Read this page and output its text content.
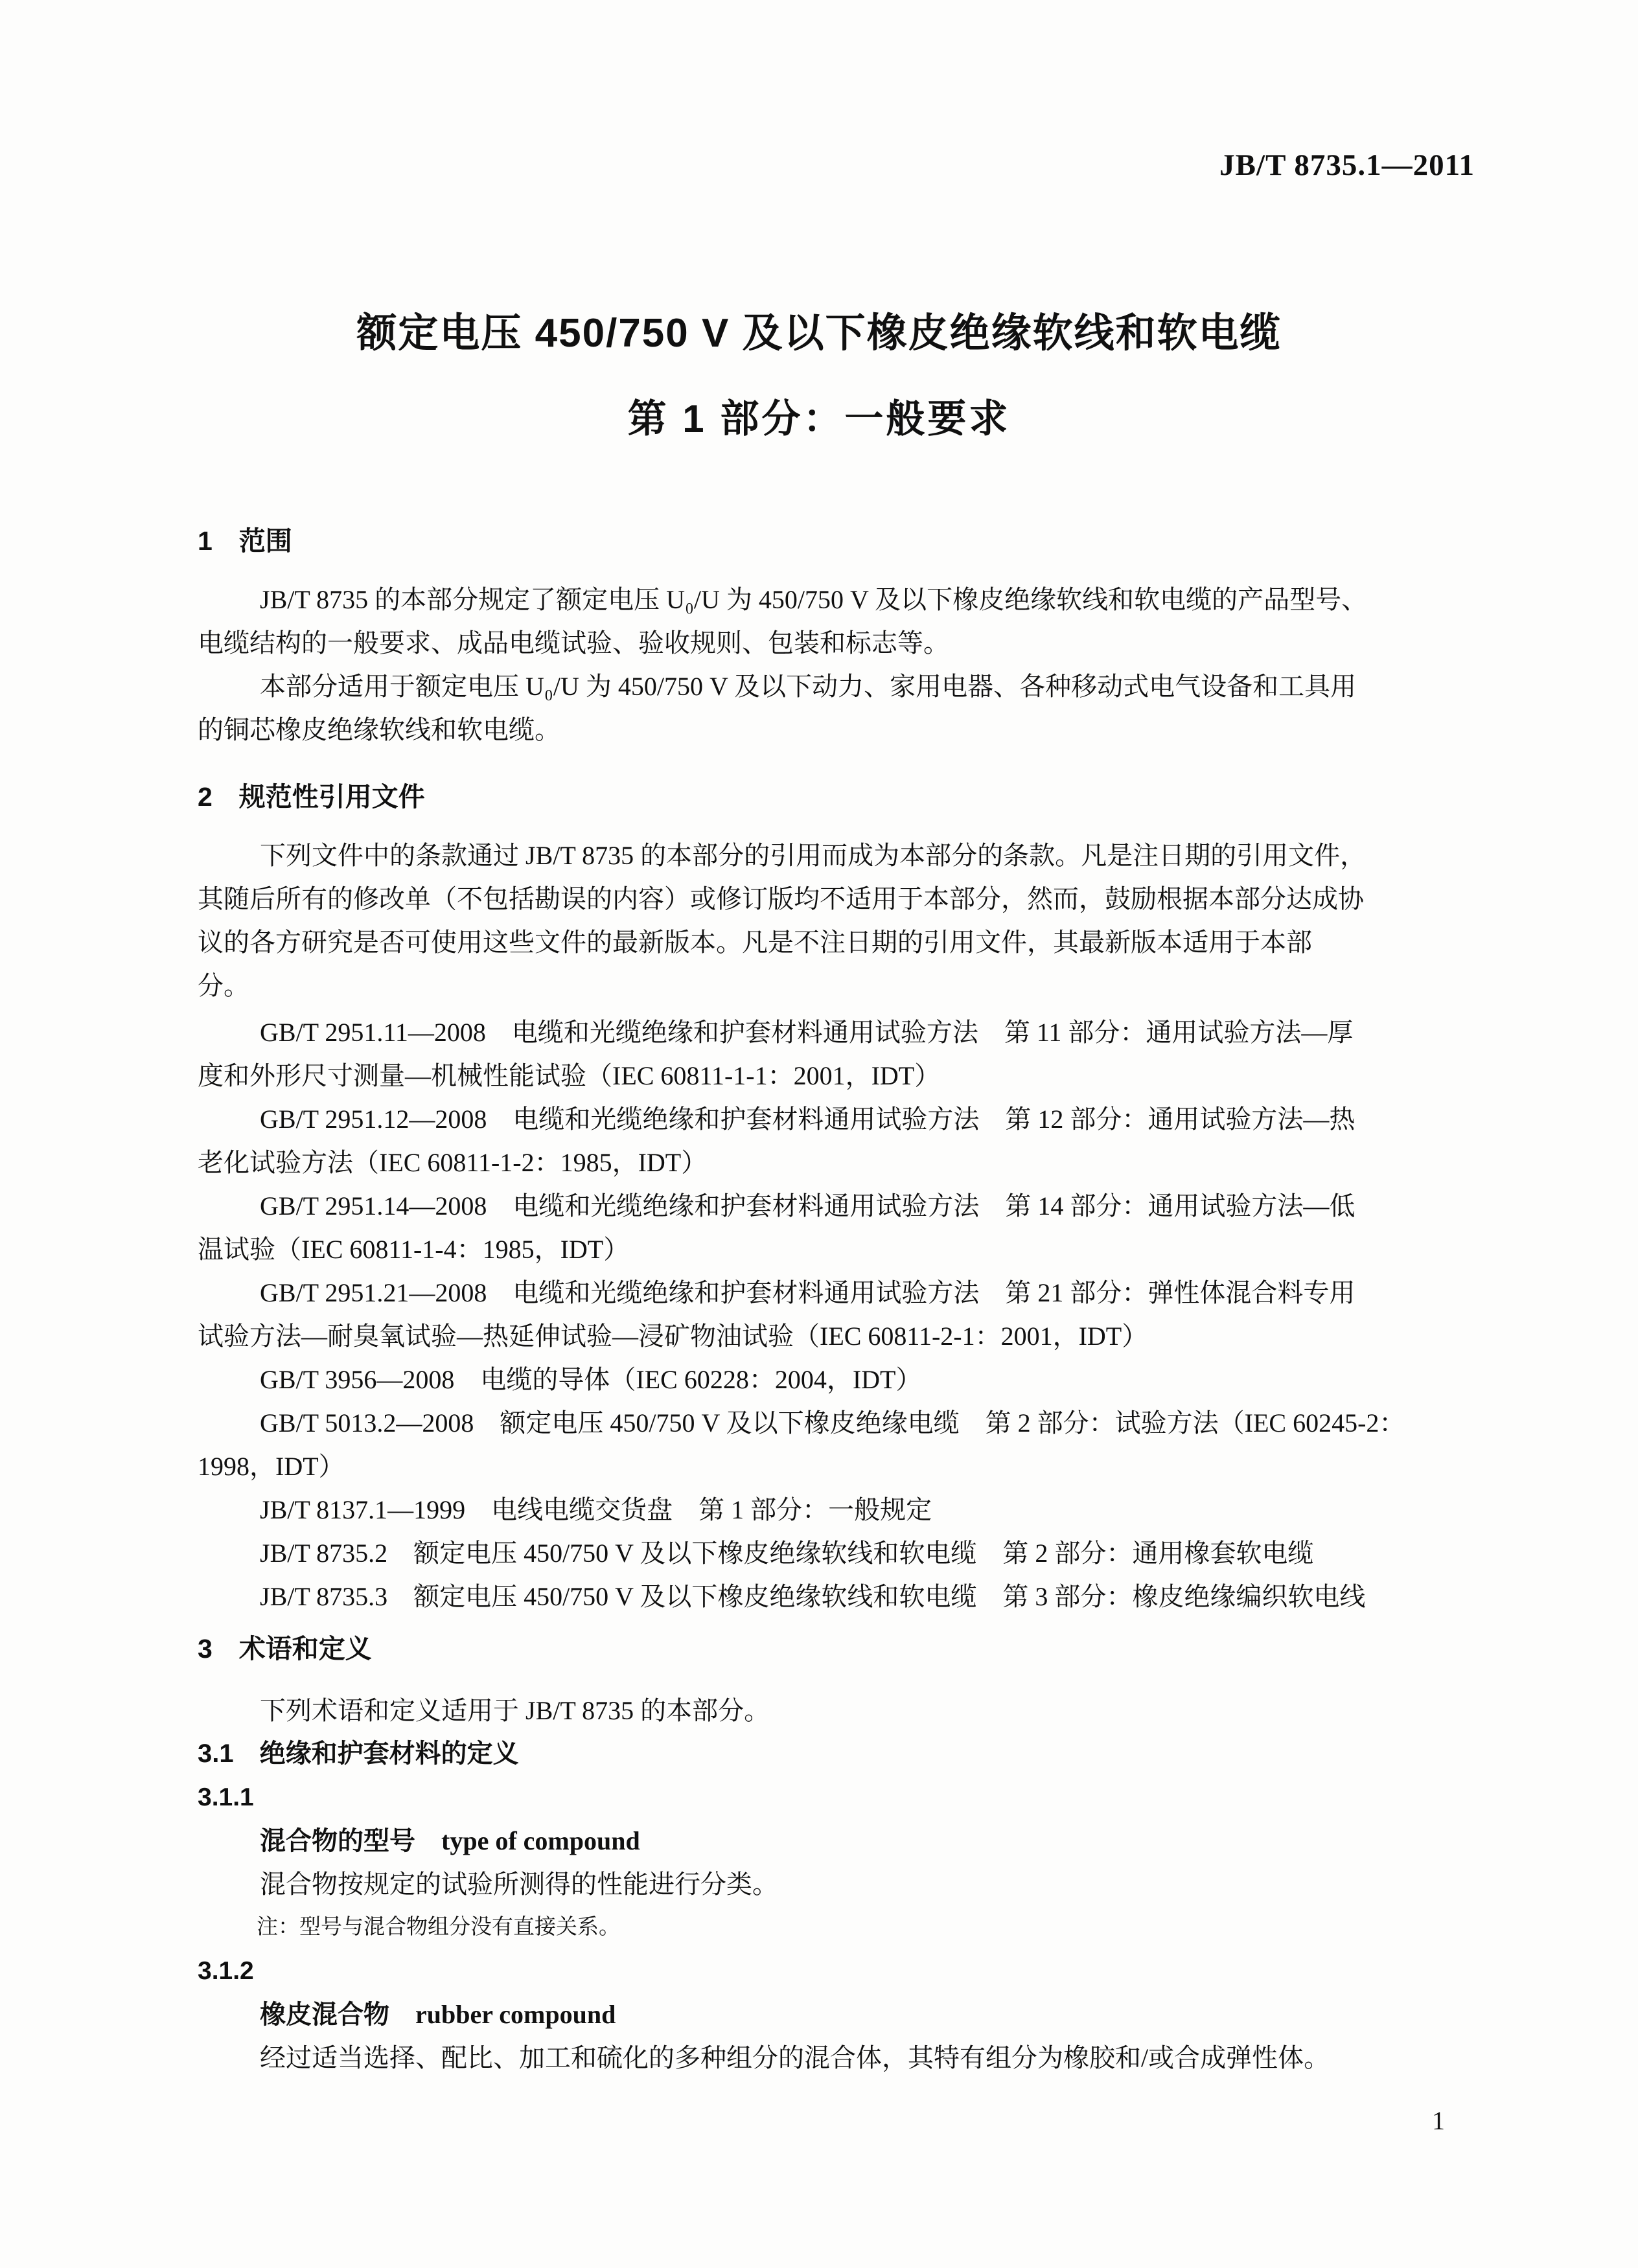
JB/T 8735.1—2011
额定电压 450/750 V 及以下橡皮绝缘软线和软电缆
第 1 部分：一般要求
1　范围
JB/T 8735 的本部分规定了额定电压 U₀/U 为 450/750 V 及以下橡皮绝缘软线和软电缆的产品型号、
电缆结构的一般要求、成品电缆试验、验收规则、包装和标志等。
本部分适用于额定电压 U₀/U 为 450/750 V 及以下动力、家用电器、各种移动式电气设备和工具用
的铜芯橡皮绝缘软线和软电缆。
2　规范性引用文件
下列文件中的条款通过 JB/T 8735 的本部分的引用而成为本部分的条款。凡是注日期的引用文件，
其随后所有的修改单（不包括勘误的内容）或修订版均不适用于本部分，然而，鼓励根据本部分达成协
议的各方研究是否可使用这些文件的最新版本。凡是不注日期的引用文件，其最新版本适用于本部
分。
GB/T 2951.11—2008　电缆和光缆绝缘和护套材料通用试验方法　第 11 部分：通用试验方法—厚
度和外形尺寸测量—机械性能试验（IEC 60811-1-1：2001，IDT）
GB/T 2951.12—2008　电缆和光缆绝缘和护套材料通用试验方法　第 12 部分：通用试验方法—热
老化试验方法（IEC 60811-1-2：1985，IDT）
GB/T 2951.14—2008　电缆和光缆绝缘和护套材料通用试验方法　第 14 部分：通用试验方法—低
温试验（IEC 60811-1-4：1985，IDT）
GB/T 2951.21—2008　电缆和光缆绝缘和护套材料通用试验方法　第 21 部分：弹性体混合料专用
试验方法—耐臭氧试验—热延伸试验—浸矿物油试验（IEC 60811-2-1：2001，IDT）
GB/T 3956—2008　电缆的导体（IEC 60228：2004，IDT）
GB/T 5013.2—2008　额定电压 450/750 V 及以下橡皮绝缘电缆　第 2 部分：试验方法（IEC 60245-2：
1998，IDT）
JB/T 8137.1—1999　电线电缆交货盘　第 1 部分：一般规定
JB/T 8735.2　额定电压 450/750 V 及以下橡皮绝缘软线和软电缆　第 2 部分：通用橡套软电缆
JB/T 8735.3　额定电压 450/750 V 及以下橡皮绝缘软线和软电缆　第 3 部分：橡皮绝缘编织软电线
3　术语和定义
下列术语和定义适用于 JB/T 8735 的本部分。
3.1　绝缘和护套材料的定义
3.1.1
混合物的型号　type of compound
混合物按规定的试验所测得的性能进行分类。
注：型号与混合物组分没有直接关系。
3.1.2
橡皮混合物　rubber compound
经过适当选择、配比、加工和硫化的多种组分的混合体，其特有组分为橡胶和/或合成弹性体。
1
